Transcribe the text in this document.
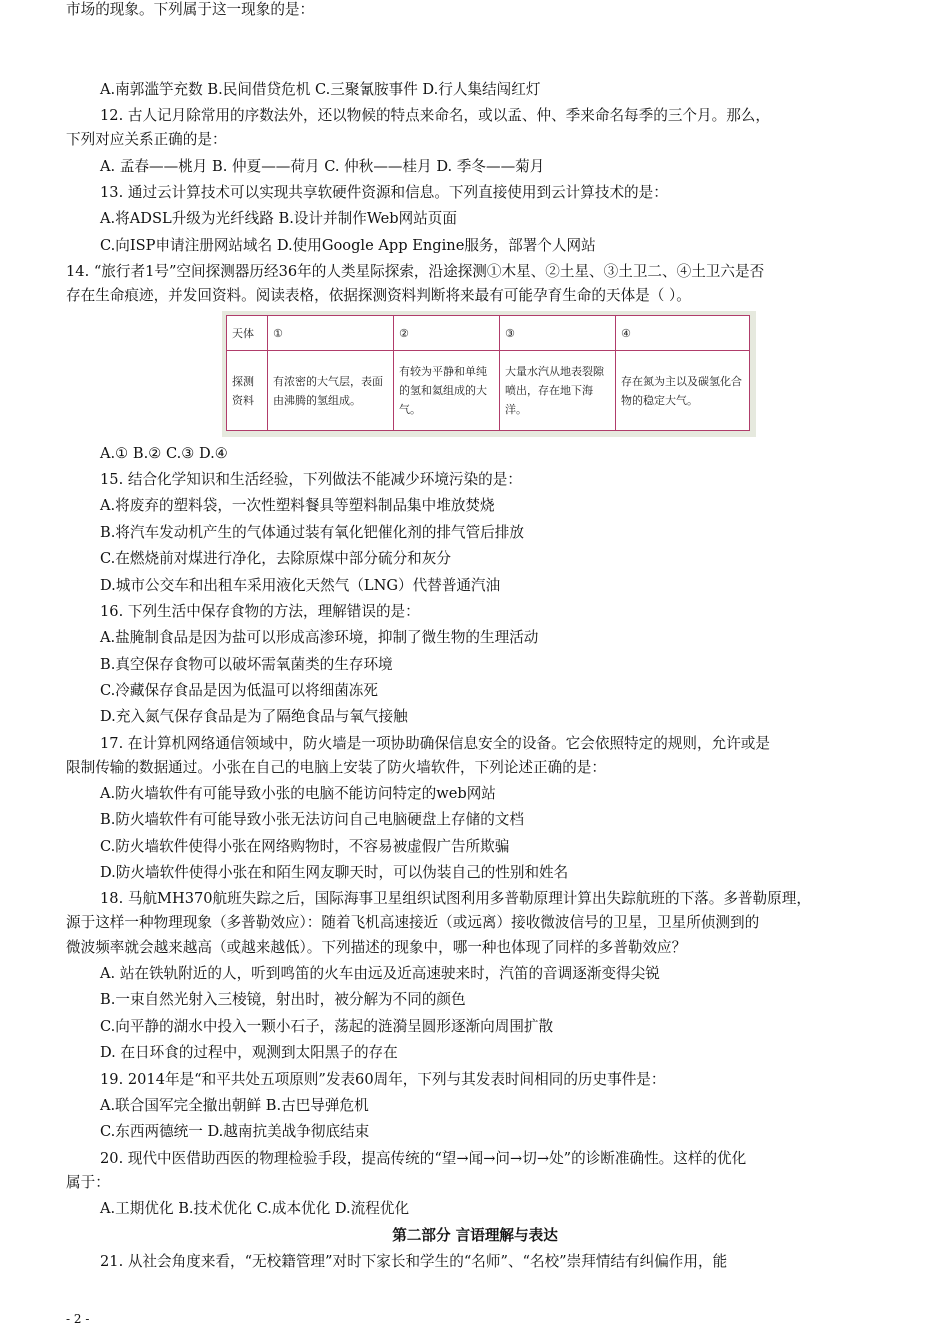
市场的现象。下列属于这一现象的是：
A.南郭滥竽充数 B.民间借贷危机 C.三聚氰胺事件 D.行人集结闯红灯
12. 古人记月除常用的序数法外，还以物候的特点来命名，或以孟、仲、季来命名每季的三个月。那么，
下列对应关系正确的是：
A. 孟春——桃月 B. 仲夏——荷月 C. 仲秋——桂月 D. 季冬——菊月
13. 通过云计算技术可以实现共享软硬件资源和信息。下列直接使用到云计算技术的是：
A.将ADSL升级为光纤线路 B.设计并制作Web网站页面
C.向ISP申请注册网站域名 D.使用Google App Engine服务，部署个人网站
14. “旅行者1号”空间探测器历经36年的人类星际探索，沿途探测①木星、②土星、③土卫二、④土卫六是否
存在生命痕迹，并发回资料。阅读表格，依据探测资料判断将来最有可能孕育生命的天体是（ ）。
天体	①	②	③	④
探测资料	有浓密的大气层，表面由沸腾的氢组成。	有较为平静和单纯的氢和氦组成的大气。	大量水汽从地表裂隙喷出，存在地下海洋。	存在氮为主以及碳氢化合物的稳定大气。
A.① B.② C.③ D.④
15. 结合化学知识和生活经验，下列做法不能减少环境污染的是：
A.将废弃的塑料袋，一次性塑料餐具等塑料制品集中堆放焚烧
B.将汽车发动机产生的气体通过装有氧化钯催化剂的排气管后排放
C.在燃烧前对煤进行净化，去除原煤中部分硫分和灰分
D.城市公交车和出租车采用液化天然气（LNG）代替普通汽油
16. 下列生活中保存食物的方法，理解错误的是：
A.盐腌制食品是因为盐可以形成高渗环境，抑制了微生物的生理活动
B.真空保存食物可以破坏需氧菌类的生存环境
C.冷藏保存食品是因为低温可以将细菌冻死
D.充入氮气保存食品是为了隔绝食品与氧气接触
17. 在计算机网络通信领域中，防火墙是一项协助确保信息安全的设备。它会依照特定的规则，允许或是
限制传输的数据通过。小张在自己的电脑上安装了防火墙软件，下列论述正确的是：
A.防火墙软件有可能导致小张的电脑不能访问特定的web网站
B.防火墙软件有可能导致小张无法访问自己电脑硬盘上存储的文档
C.防火墙软件使得小张在网络购物时，不容易被虚假广告所欺骗
D.防火墙软件使得小张在和陌生网友聊天时，可以伪装自己的性别和姓名
18. 马航MH370航班失踪之后，国际海事卫星组织试图利用多普勒原理计算出失踪航班的下落。多普勒原理，
源于这样一种物理现象（多普勒效应）：随着飞机高速接近（或远离）接收微波信号的卫星，卫星所侦测到的
微波频率就会越来越高（或越来越低）。下列描述的现象中，哪一种也体现了同样的多普勒效应？
A. 站在铁轨附近的人，听到鸣笛的火车由远及近高速驶来时，汽笛的音调逐渐变得尖锐
B.一束自然光射入三棱镜，射出时，被分解为不同的颜色
C.向平静的湖水中投入一颗小石子，荡起的涟漪呈圆形逐渐向周围扩散
D. 在日环食的过程中，观测到太阳黑子的存在
19. 2014年是“和平共处五项原则”发表60周年，下列与其发表时间相同的历史事件是：
A.联合国军完全撤出朝鲜 B.古巴导弹危机
C.东西两德统一 D.越南抗美战争彻底结束
20. 现代中医借助西医的物理检验手段，提高传统的“望→闻→问→切→处”的诊断准确性。这样的优化
属于：
A.工期优化 B.技术优化 C.成本优化 D.流程优化
第二部分 言语理解与表达
21. 从社会角度来看，“无校籍管理”对时下家长和学生的“名师”、“名校”崇拜情结有纠偏作用，能
- 2 -
